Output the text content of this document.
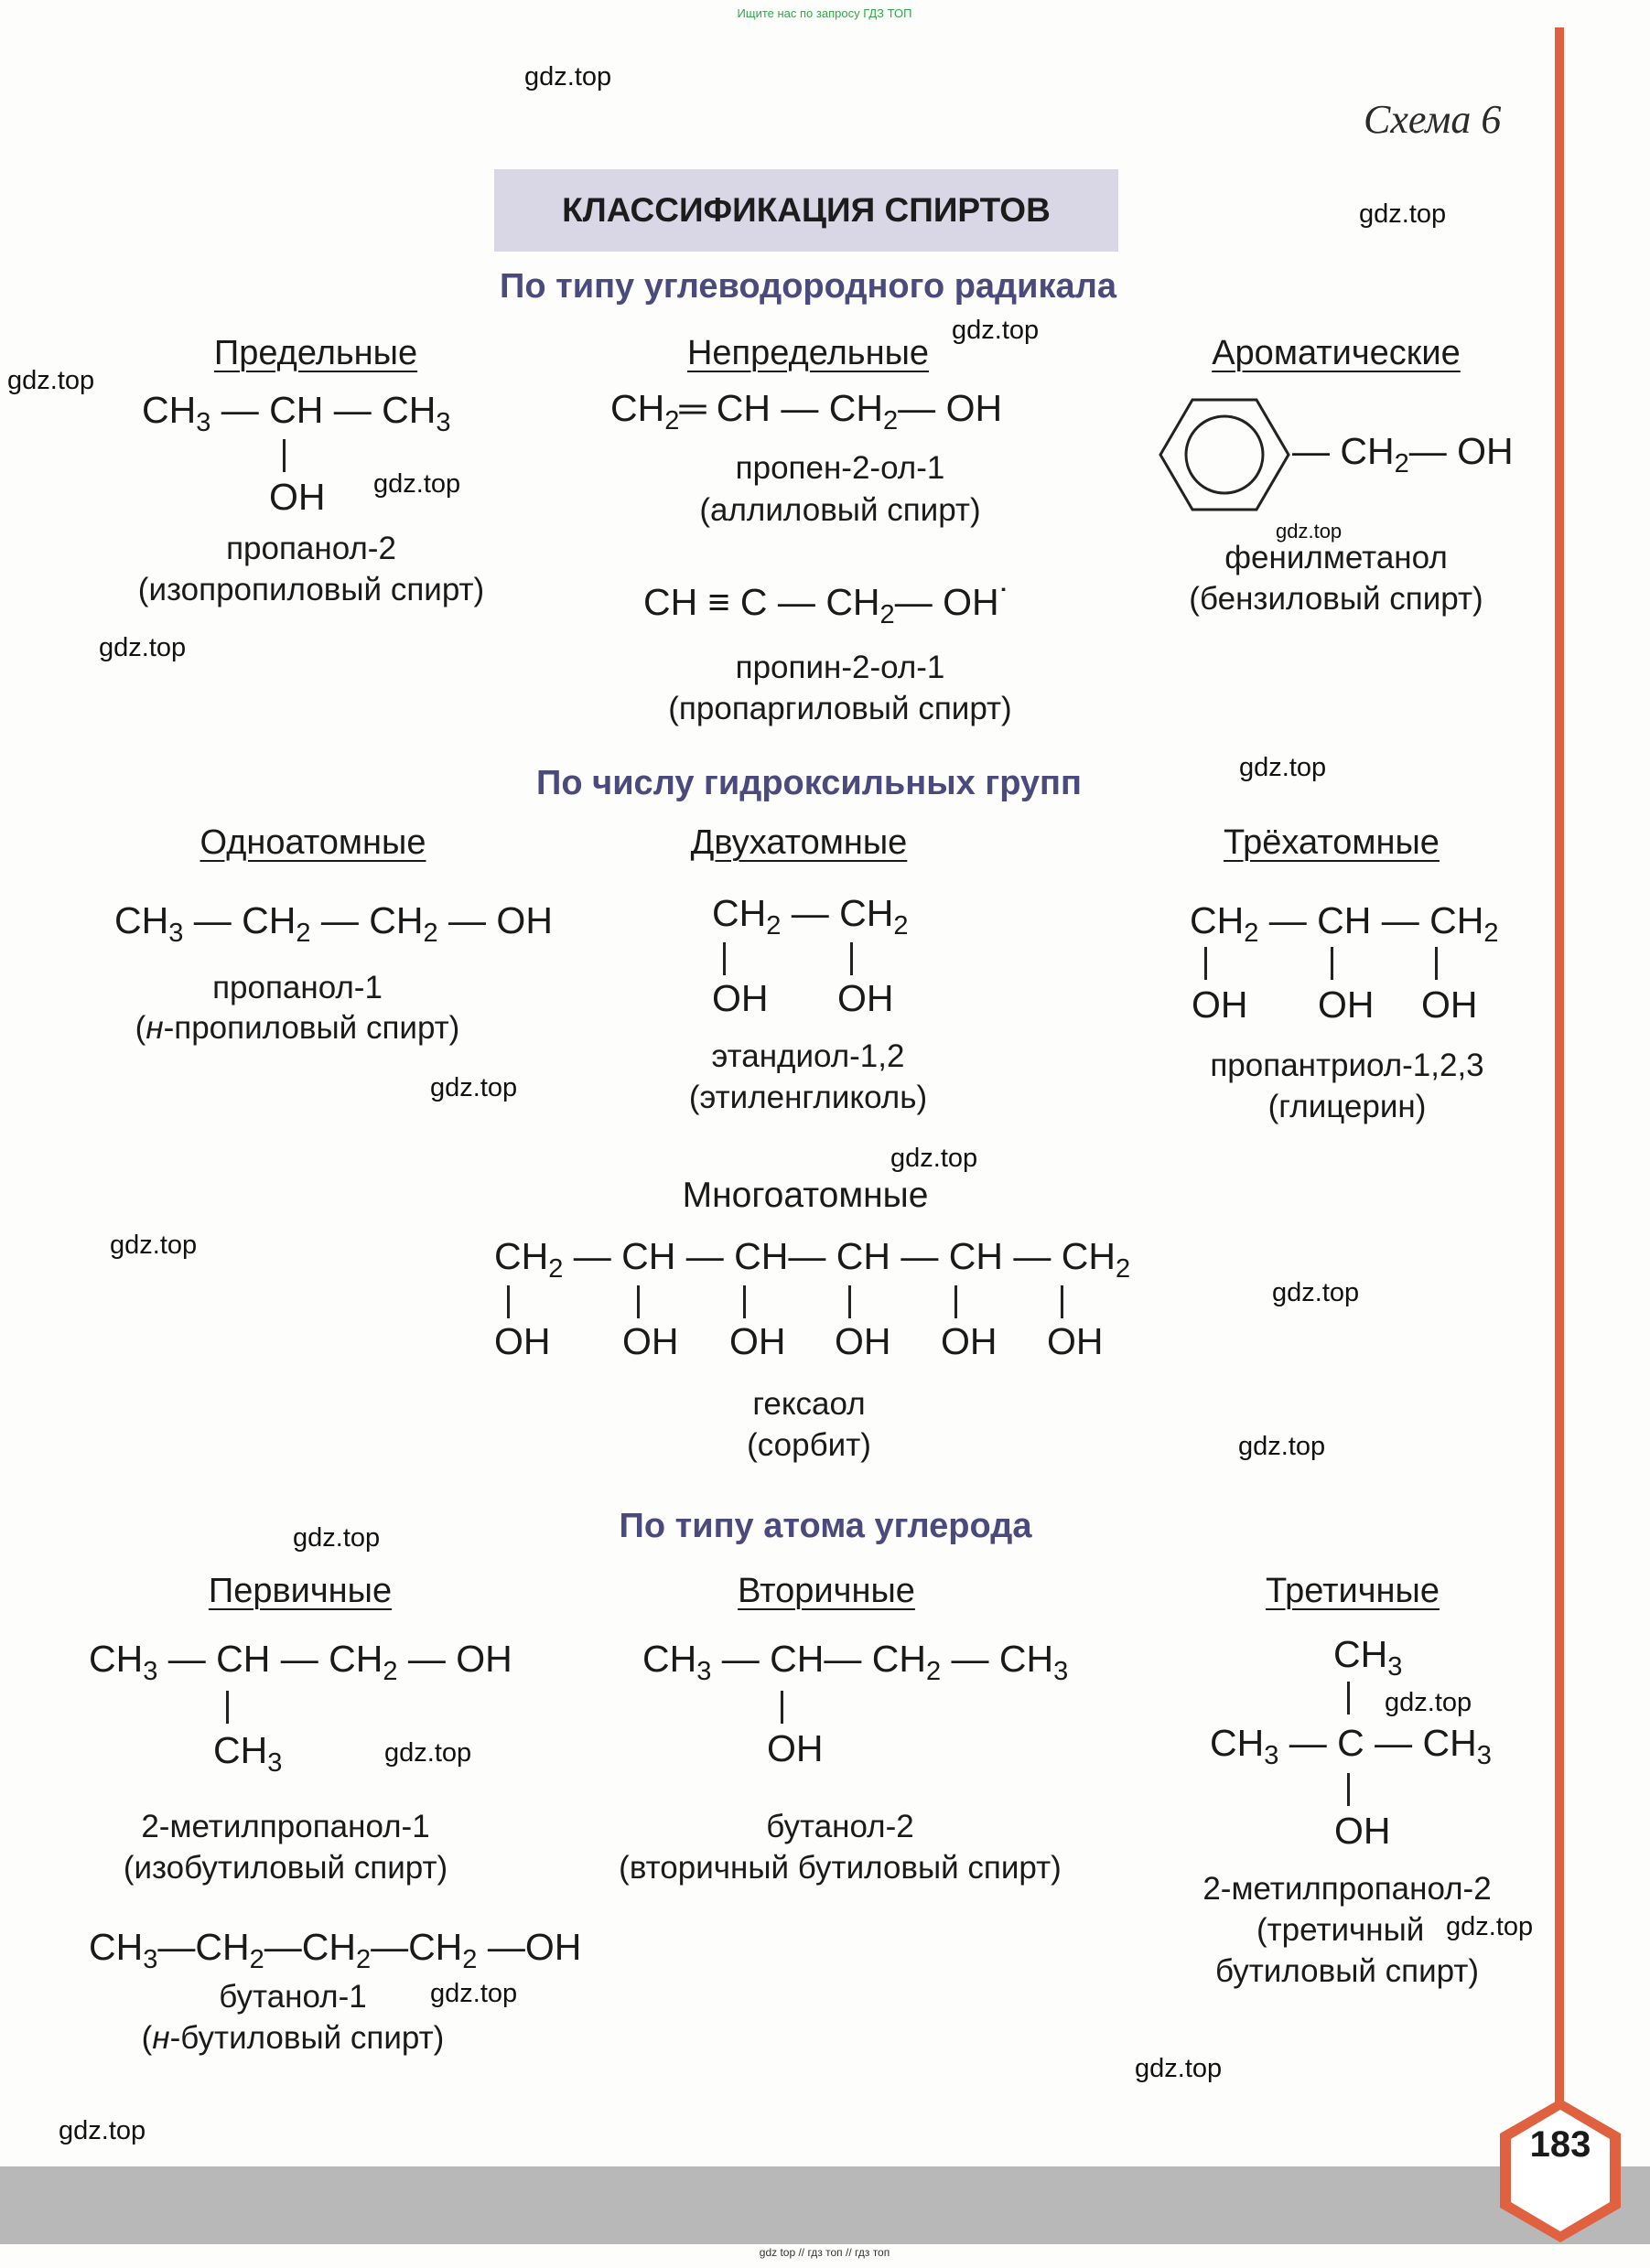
Ищите нас по запросу ГДЗ ТОП
Схема 6
КЛАССИФИКАЦИЯ СПИРТОВ
По типу углеводородного радикала
Предельные
$CH_3$ — CH — $CH_3$
OH
пропанол-2
(изопропиловый спирт)
Непредельные
$CH_2═$ CH — $CH_2—$ OH
пропен-2-ол-1
(аллиловый спирт)
CH ≡ C — $CH_2—$ OH˙
пропин-2-ол-1
(пропаргиловый спирт)
Ароматические
— $CH_2—$ OH
фенилметанол
(бензиловый спирт)
По числу гидроксильных групп
Одноатомные
$CH_3$ — $CH_2$ — $CH_2$ — OH
пропанол-1
(н-пропиловый спирт)
Двухатомные
$CH_2$ — $CH_2$
OH OH
этандиол-1,2
(этиленгликоль)
Трёхатомные
$CH_2$ — CH — $CH_2$
OH OH OH
пропантриол-1,2,3
(глицерин)
Многоатомные
$CH_2$ — CH — CH— CH — CH — $CH_2$
OH OH OH OH OH OH
гексаол
(сорбит)
По типу атома углерода
Первичные
$CH_3$ — CH — $CH_2$ — OH
$CH_3$
2-метилпропанол-1
(изобутиловый спирт)
$CH_3—CH_2—CH_2—CH_2$ —OH
бутанол-1
(н-бутиловый спирт)
Вторичные
$CH_3$ — CH— $CH_2$ — $CH_3$
OH
бутанол-2
(вторичный бутиловый спирт)
Третичные
$CH_3$
$CH_3$ — C — $CH_3$
OH
2-метилпропанол-2
(третичный
бутиловый спирт)
gdz.top
gdz.top
gdz.top
gdz.top
gdz.top
gdz.top
gdz.top
gdz.top
gdz.top
gdz.top
gdz.top
gdz.top
gdz.top
gdz.top
gdz.top
gdz.top
gdz.top
gdz.top
gdz.top
gdz.top	183
gdz top // гдз топ // гдз топ
